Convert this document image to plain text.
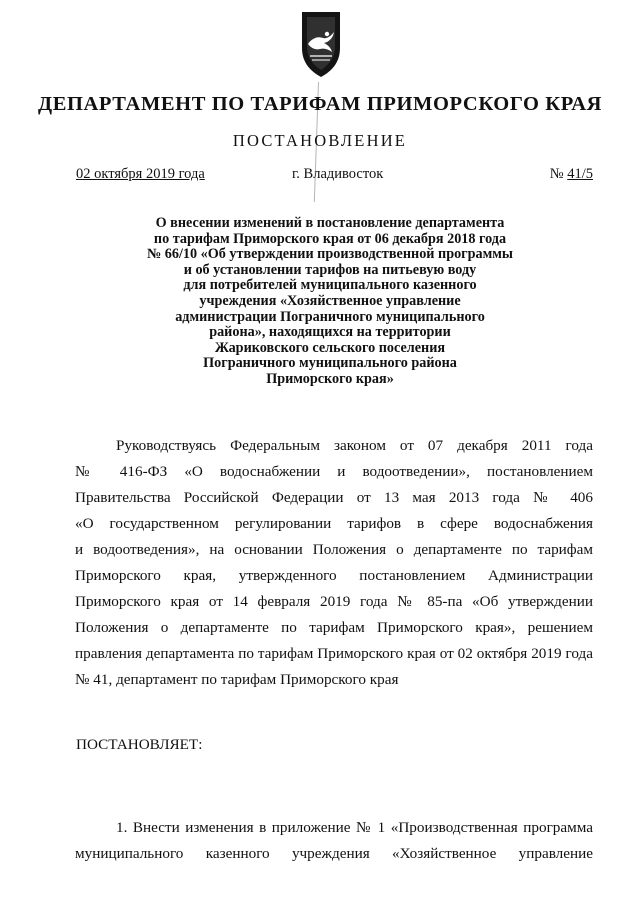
ДЕПАРТАМЕНТ ПО ТАРИФАМ ПРИМОРСКОГО КРАЯ
ПОСТАНОВЛЕНИЕ
02 октября 2019 года	г. Владивосток	№ 41/5
О внесении изменений в постановление департамента
по тарифам Приморского края от 06 декабря 2018 года
№ 66/10 «Об утверждении производственной программы
и об установлении тарифов на питьевую воду
для потребителей муниципального казенного
учреждения «Хозяйственное управление
администрации Пограничного муниципального
района», находящихся на территории
Жариковского сельского поселения
Пограничного муниципального района
Приморского края»
Руководствуясь Федеральным законом от 07 декабря 2011 года
№ 416-ФЗ «О водоснабжении и водоотведении», постановлением
Правительства Российской Федерации от 13 мая 2013 года № 406
«О государственном регулировании тарифов в сфере водоснабжения
и водоотведения», на основании Положения о департаменте по тарифам
Приморского края, утвержденного постановлением Администрации
Приморского края от 14 февраля 2019 года № 85-па «Об утверждении
Положения о департаменте по тарифам Приморского края», решением
правления департамента по тарифам Приморского края от 02 октября 2019 года
№ 41, департамент по тарифам Приморского края
ПОСТАНОВЛЯЕТ:
1. Внести изменения в приложение № 1 «Производственная программа
муниципального казенного учреждения «Хозяйственное управление
